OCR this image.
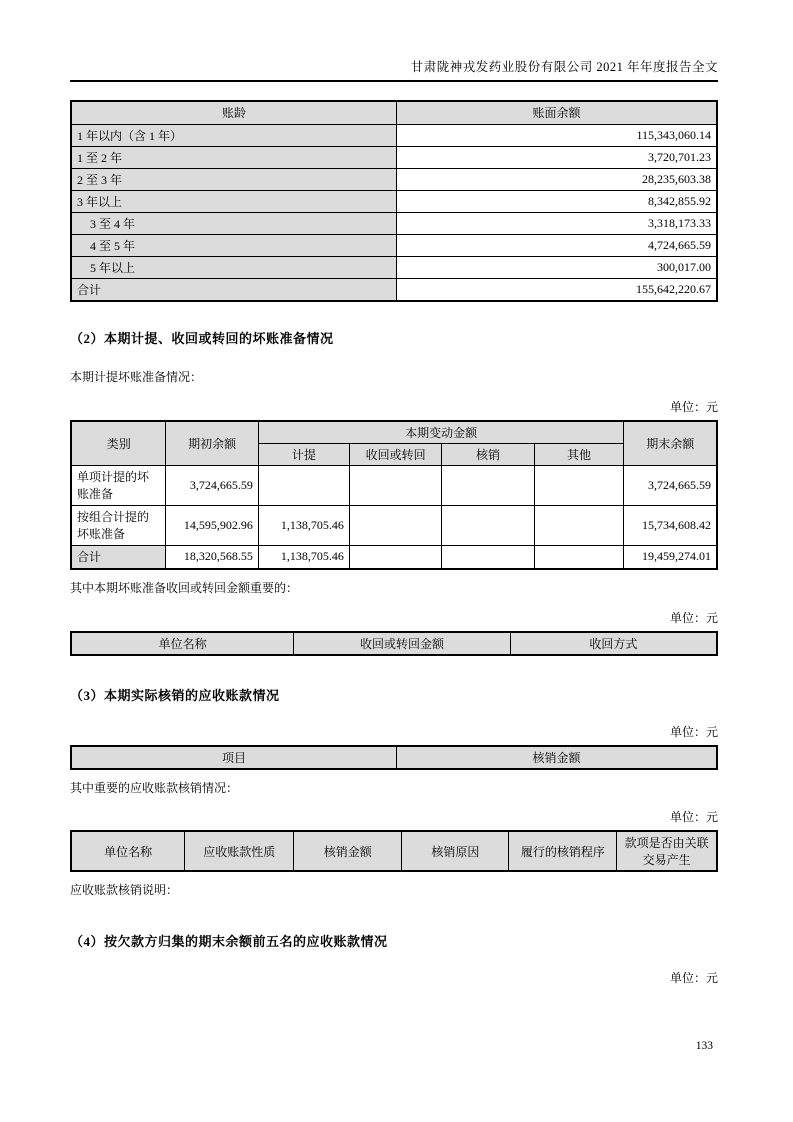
甘肃陇神戎发药业股份有限公司 2021 年年度报告全文
账龄	账面余额
1 年以内（含 1 年）	115,343,060.14
1 至 2 年	3,720,701.23
2 至 3 年	28,235,603.38
3 年以上	8,342,855.92
3 至 4 年	3,318,173.33
4 至 5 年	4,724,665.59
5 年以上	300,017.00
合计	155,642,220.67
（2）本期计提、收回或转回的坏账准备情况

本期计提坏账准备情况：

单位：元

类别	期初余额	本期变动金额				期末余额
		计提	收回或转回	核销	其他	
单项计提的坏账准备	3,724,665.59					3,724,665.59
按组合计提的坏账准备	14,595,902.96	1,138,705.46				15,734,608.42
合计	18,320,568.55	1,138,705.46				19,459,274.01

其中本期坏账准备收回或转回金额重要的：

单位：元

单位名称	收回或转回金额	收回方式
（3）本期实际核销的应收账款情况

单位：元

项目	核销金额

其中重要的应收账款核销情况：

单位：元

单位名称	应收账款性质	核销金额	核销原因	履行的核销程序	款项是否由关联交易产生

应收账款核销说明：

（4）按欠款方归集的期末余额前五名的应收账款情况

单位：元

133
